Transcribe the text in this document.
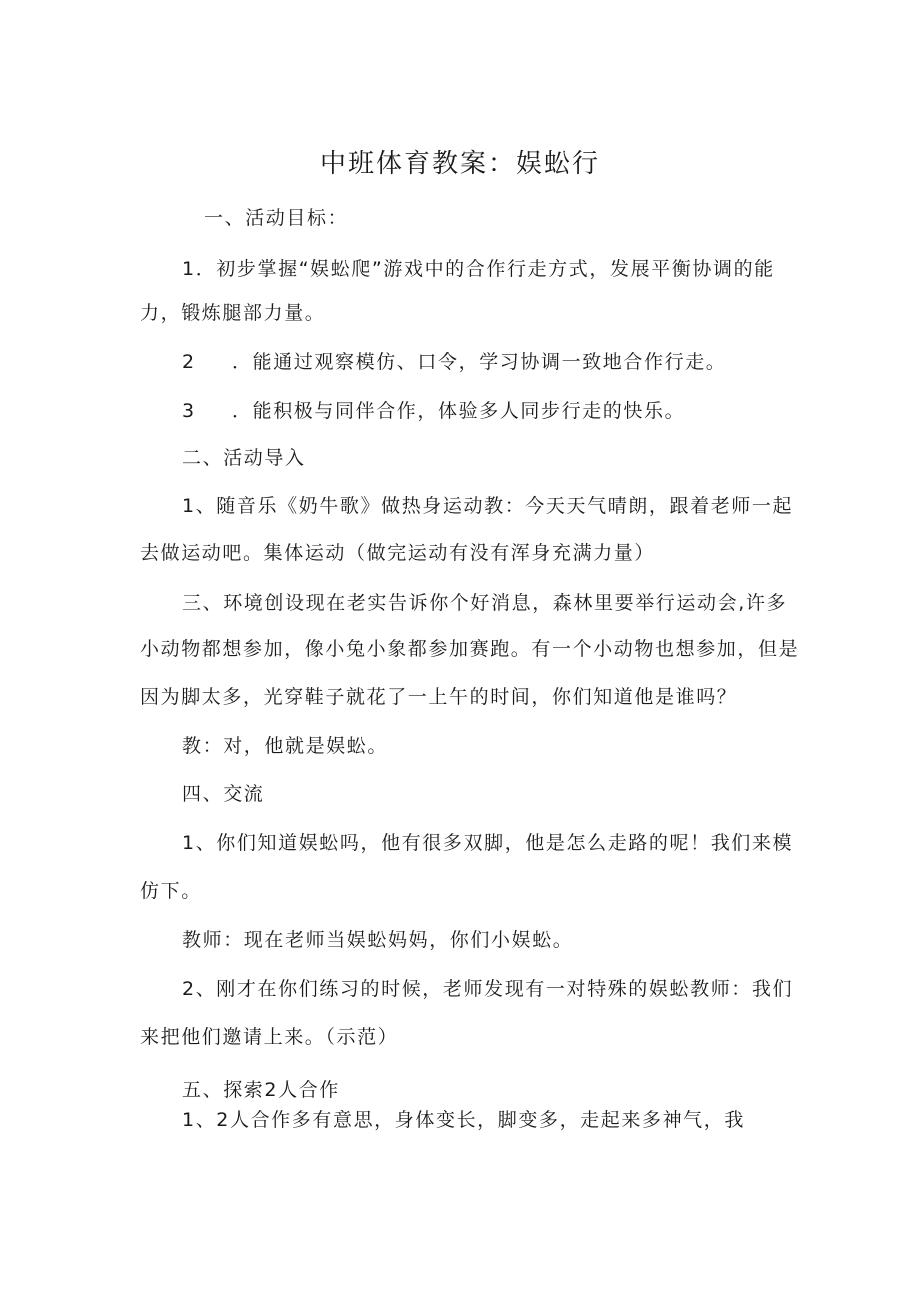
中班体育教案：娱蚣行
一、活动目标：
1．初步掌握“娱蚣爬”游戏中的合作行走方式，发展平衡协调的能
力，锻炼腿部力量。
2 ．能通过观察模仿、口令，学习协调一致地合作行走。
3 ．能积极与同伴合作，体验多人同步行走的快乐。
二、活动导入
1、随音乐《奶牛歌》做热身运动教：今天天气晴朗，跟着老师一起
去做运动吧。集体运动（做完运动有没有浑身充满力量）
三、环境创设现在老实告诉你个好消息，森林里要举行运动会,许多
小动物都想参加，像小兔小象都参加赛跑。有一个小动物也想参加，但是
因为脚太多，光穿鞋子就花了一上午的时间，你们知道他是谁吗？
教：对，他就是娱蚣。
四、交流
1、你们知道娱蚣吗，他有很多双脚，他是怎么走路的呢！我们来模
仿下。
教师：现在老师当娱蚣妈妈，你们小娱蚣。
2、刚才在你们练习的时候，老师发现有一对特殊的娱蚣教师：我们
来把他们邀请上来。（示范）
五、探索2人合作
1、2人合作多有意思，身体变长，脚变多，走起来多神气，我
